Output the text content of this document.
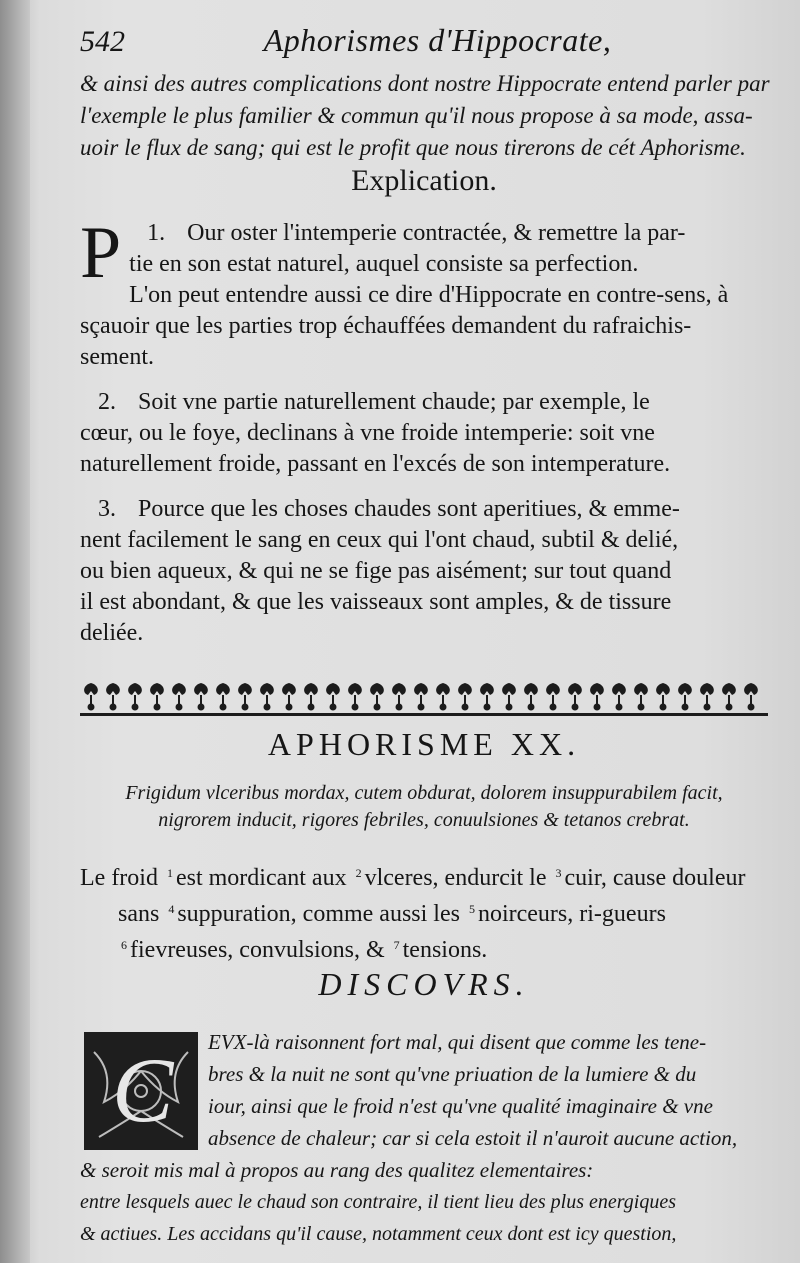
542	Aphorismes d'Hippocrate,
& ainsi des autres complications dont nostre Hippocrate entend parler par
l'exemple le plus familier & commun qu'il nous propose à sa mode, assa-
uoir le flux de sang; qui est le profit que nous tirerons de cét Aphorisme.
Explication.

1.
P	Our oster l'intemperie contractée, & remettre la par-
tie en son estat naturel, auquel consiste sa perfection.
L'on peut entendre aussi ce dire d'Hippocrate en contre-sens, à
sçauoir que les parties trop échauffées demandent du rafraichis-
sement.

2. Soit vne partie naturellement chaude; par exemple, le
cœur, ou le foye, declinans à vne froide intemperie: soit vne
naturellement froide, passant en l'excés de son intemperature.

3. Pource que les choses chaudes sont aperitiues, & emme-
nent facilement le sang en ceux qui l'ont chaud, subtil & delié,
ou bien aqueux, & qui ne se fige pas aisément; sur tout quand
il est abondant, & que les vaisseaux sont amples, & de tissure
deliée.

APHORISME XX.
Frigidum vlceribus mordax, cutem obdurat, dolorem insuppurabilem facit,
nigrorem inducit, rigores febriles, conuulsiones & tetanos crebrat.

Le froid $^1$ est mordicant aux $^2$ vlceres, endurcit le $^3$ cuir, cause douleur sans $^4$ suppuration, comme aussi les $^5$ noirceurs, ri-gueurs $^6$ fievreuses, convulsions, & $^7$ tensions.

DISCOVRS.
C	EVX-là raisonnent fort mal, qui disent que comme les tene-
bres & la nuit ne sont qu'vne priuation de la lumiere & du
iour, ainsi que le froid n'est qu'vne qualité imaginaire & vne
absence de chaleur; car si cela estoit il n'auroit aucune action,
& seroit mis mal à propos au rang des qualitez elementaires:
entre lesquels auec le chaud son contraire, il tient lieu des plus energiques
& actiues. Les accidans qu'il cause, notamment ceux dont est icy question,
